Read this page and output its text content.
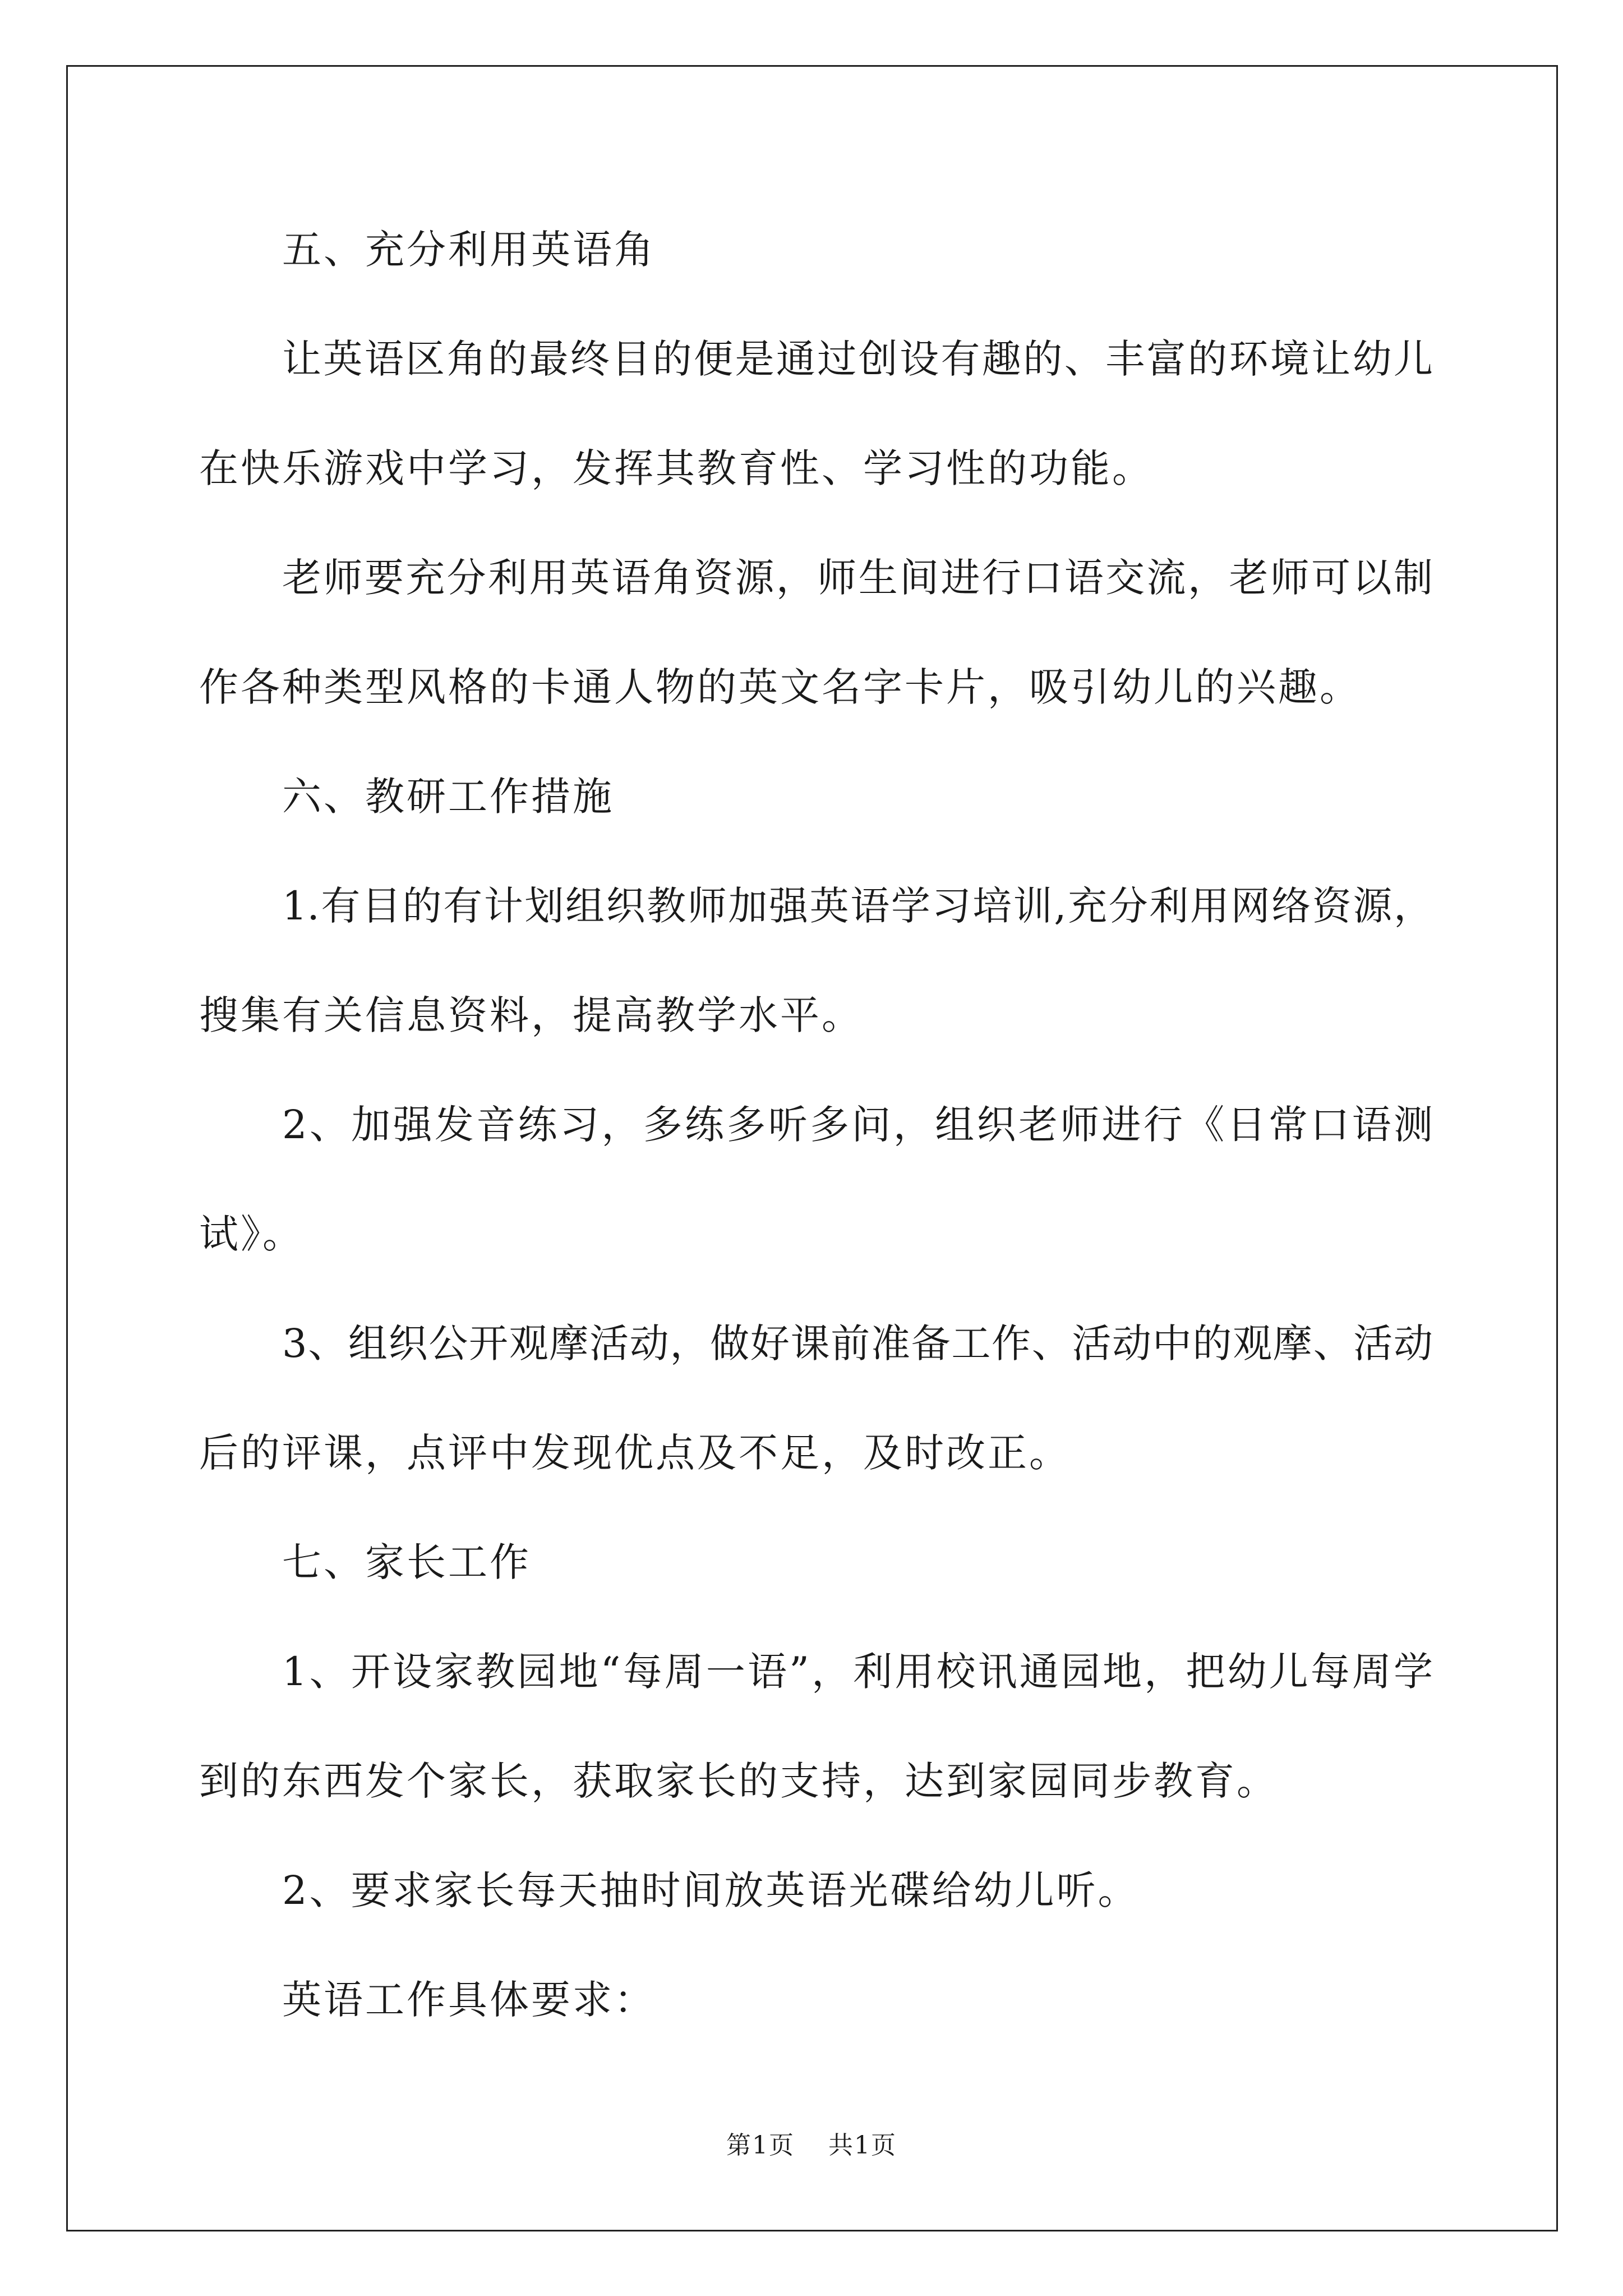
五、充分利用英语角
让英语区角的最终目的便是通过创设有趣的、丰富的环境让幼儿
在快乐游戏中学习，发挥其教育性、学习性的功能。
老师要充分利用英语角资源，师生间进行口语交流，老师可以制
作各种类型风格的卡通人物的英文名字卡片，吸引幼儿的兴趣。
六、教研工作措施
1.有目的有计划组织教师加强英语学习培训,充分利用网络资源，
搜集有关信息资料，提高教学水平。
2、加强发音练习，多练多听多问，组织老师进行《日常口语测
试》。
3、组织公开观摩活动，做好课前准备工作、活动中的观摩、活动
后的评课，点评中发现优点及不足，及时改正。
七、家长工作
1、开设家教园地“每周一语”，利用校讯通园地，把幼儿每周学
到的东西发个家长，获取家长的支持，达到家园同步教育。
2、要求家长每天抽时间放英语光碟给幼儿听。
英语工作具体要求：
第1页 共1页
